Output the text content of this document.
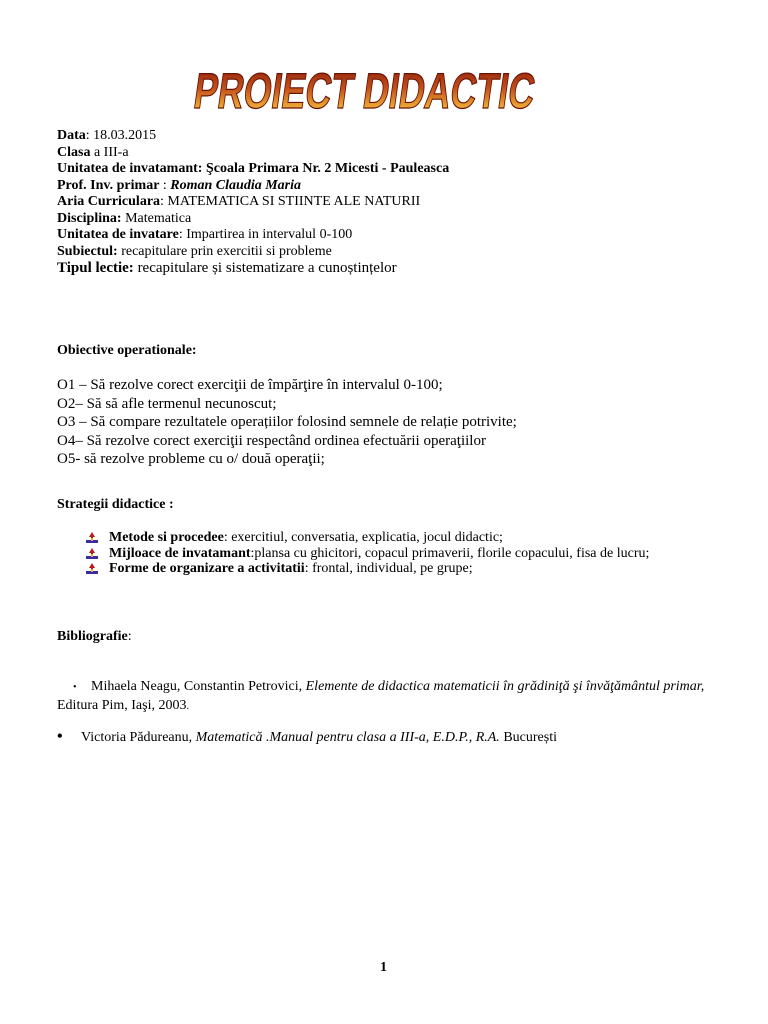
PROIECT DIDACTIC
Data: 18.03.2015
Clasa a III-a
Unitatea de invatamant: Şcoala Primara Nr. 2 Micesti - Pauleasca
Prof. Inv. primar : Roman Claudia Maria
Aria Curriculara: MATEMATICA SI STIINTE ALE NATURII
Disciplina: Matematica
Unitatea de invatare: Impartirea in intervalul 0-100
Subiectul: recapitulare prin exercitii si probleme
Tipul lectie: recapitulare și sistematizare a cunoștințelor
Obiective operationale:
O1 – Să rezolve corect exerciţii de împărţire în intervalul 0-100;
O2– Să să afle termenul necunoscut;
O3 – Să compare rezultatele operațiilor folosind semnele de relație potrivite;
O4– Să rezolve corect exerciţii respectând ordinea efectuării operaţiilor
O5- să rezolve probleme cu o/ două operaţii;
Strategii didactice :
Metode si procedee: exercitiul, conversatia, explicatia, jocul didactic;
Mijloace de invatamant:plansa cu ghicitori, copacul primaverii, florile copacului, fisa de lucru;
Forme de organizare a activitatii: frontal, individual, pe grupe;
Bibliografie:
• Mihaela Neagu, Constantin Petrovici, Elemente de didactica matematicii în grădiniţă şi învăţământul primar,
Editura Pim, Iaşi, 2003.
• Victoria Pădureanu, Matematică .Manual pentru clasa a III-a, E.D.P., R.A. București
1
